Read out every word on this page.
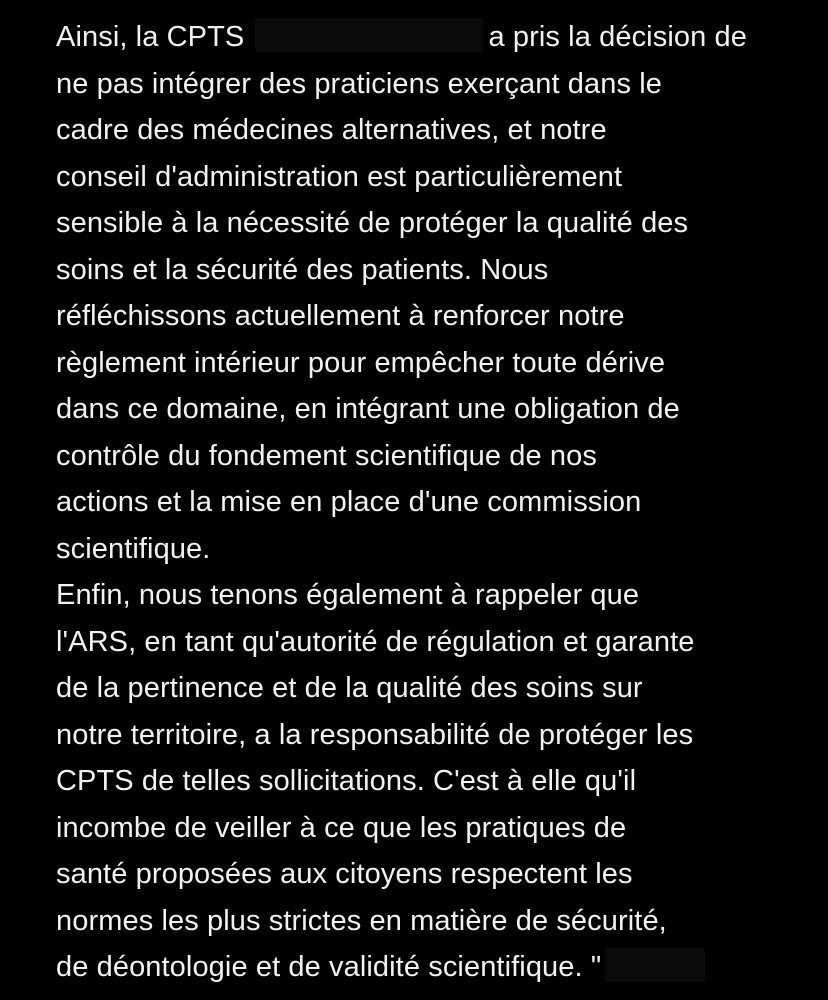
Ainsi, la CPTS	a pris la décision de
ne pas intégrer des praticiens exerçant dans le
cadre des médecines alternatives, et notre
conseil d'administration est particulièrement
sensible à la nécessité de protéger la qualité des
soins et la sécurité des patients. Nous
réfléchissons actuellement à renforcer notre
règlement intérieur pour empêcher toute dérive
dans ce domaine, en intégrant une obligation de
contrôle du fondement scientifique de nos
actions et la mise en place d'une commission
scientifique.
Enfin, nous tenons également à rappeler que
l'ARS, en tant qu'autorité de régulation et garante
de la pertinence et de la qualité des soins sur
notre territoire, a la responsabilité de protéger les
CPTS de telles sollicitations. C'est à elle qu'il
incombe de veiller à ce que les pratiques de
santé proposées aux citoyens respectent les
normes les plus strictes en matière de sécurité,
de déontologie et de validité scientifique. "
